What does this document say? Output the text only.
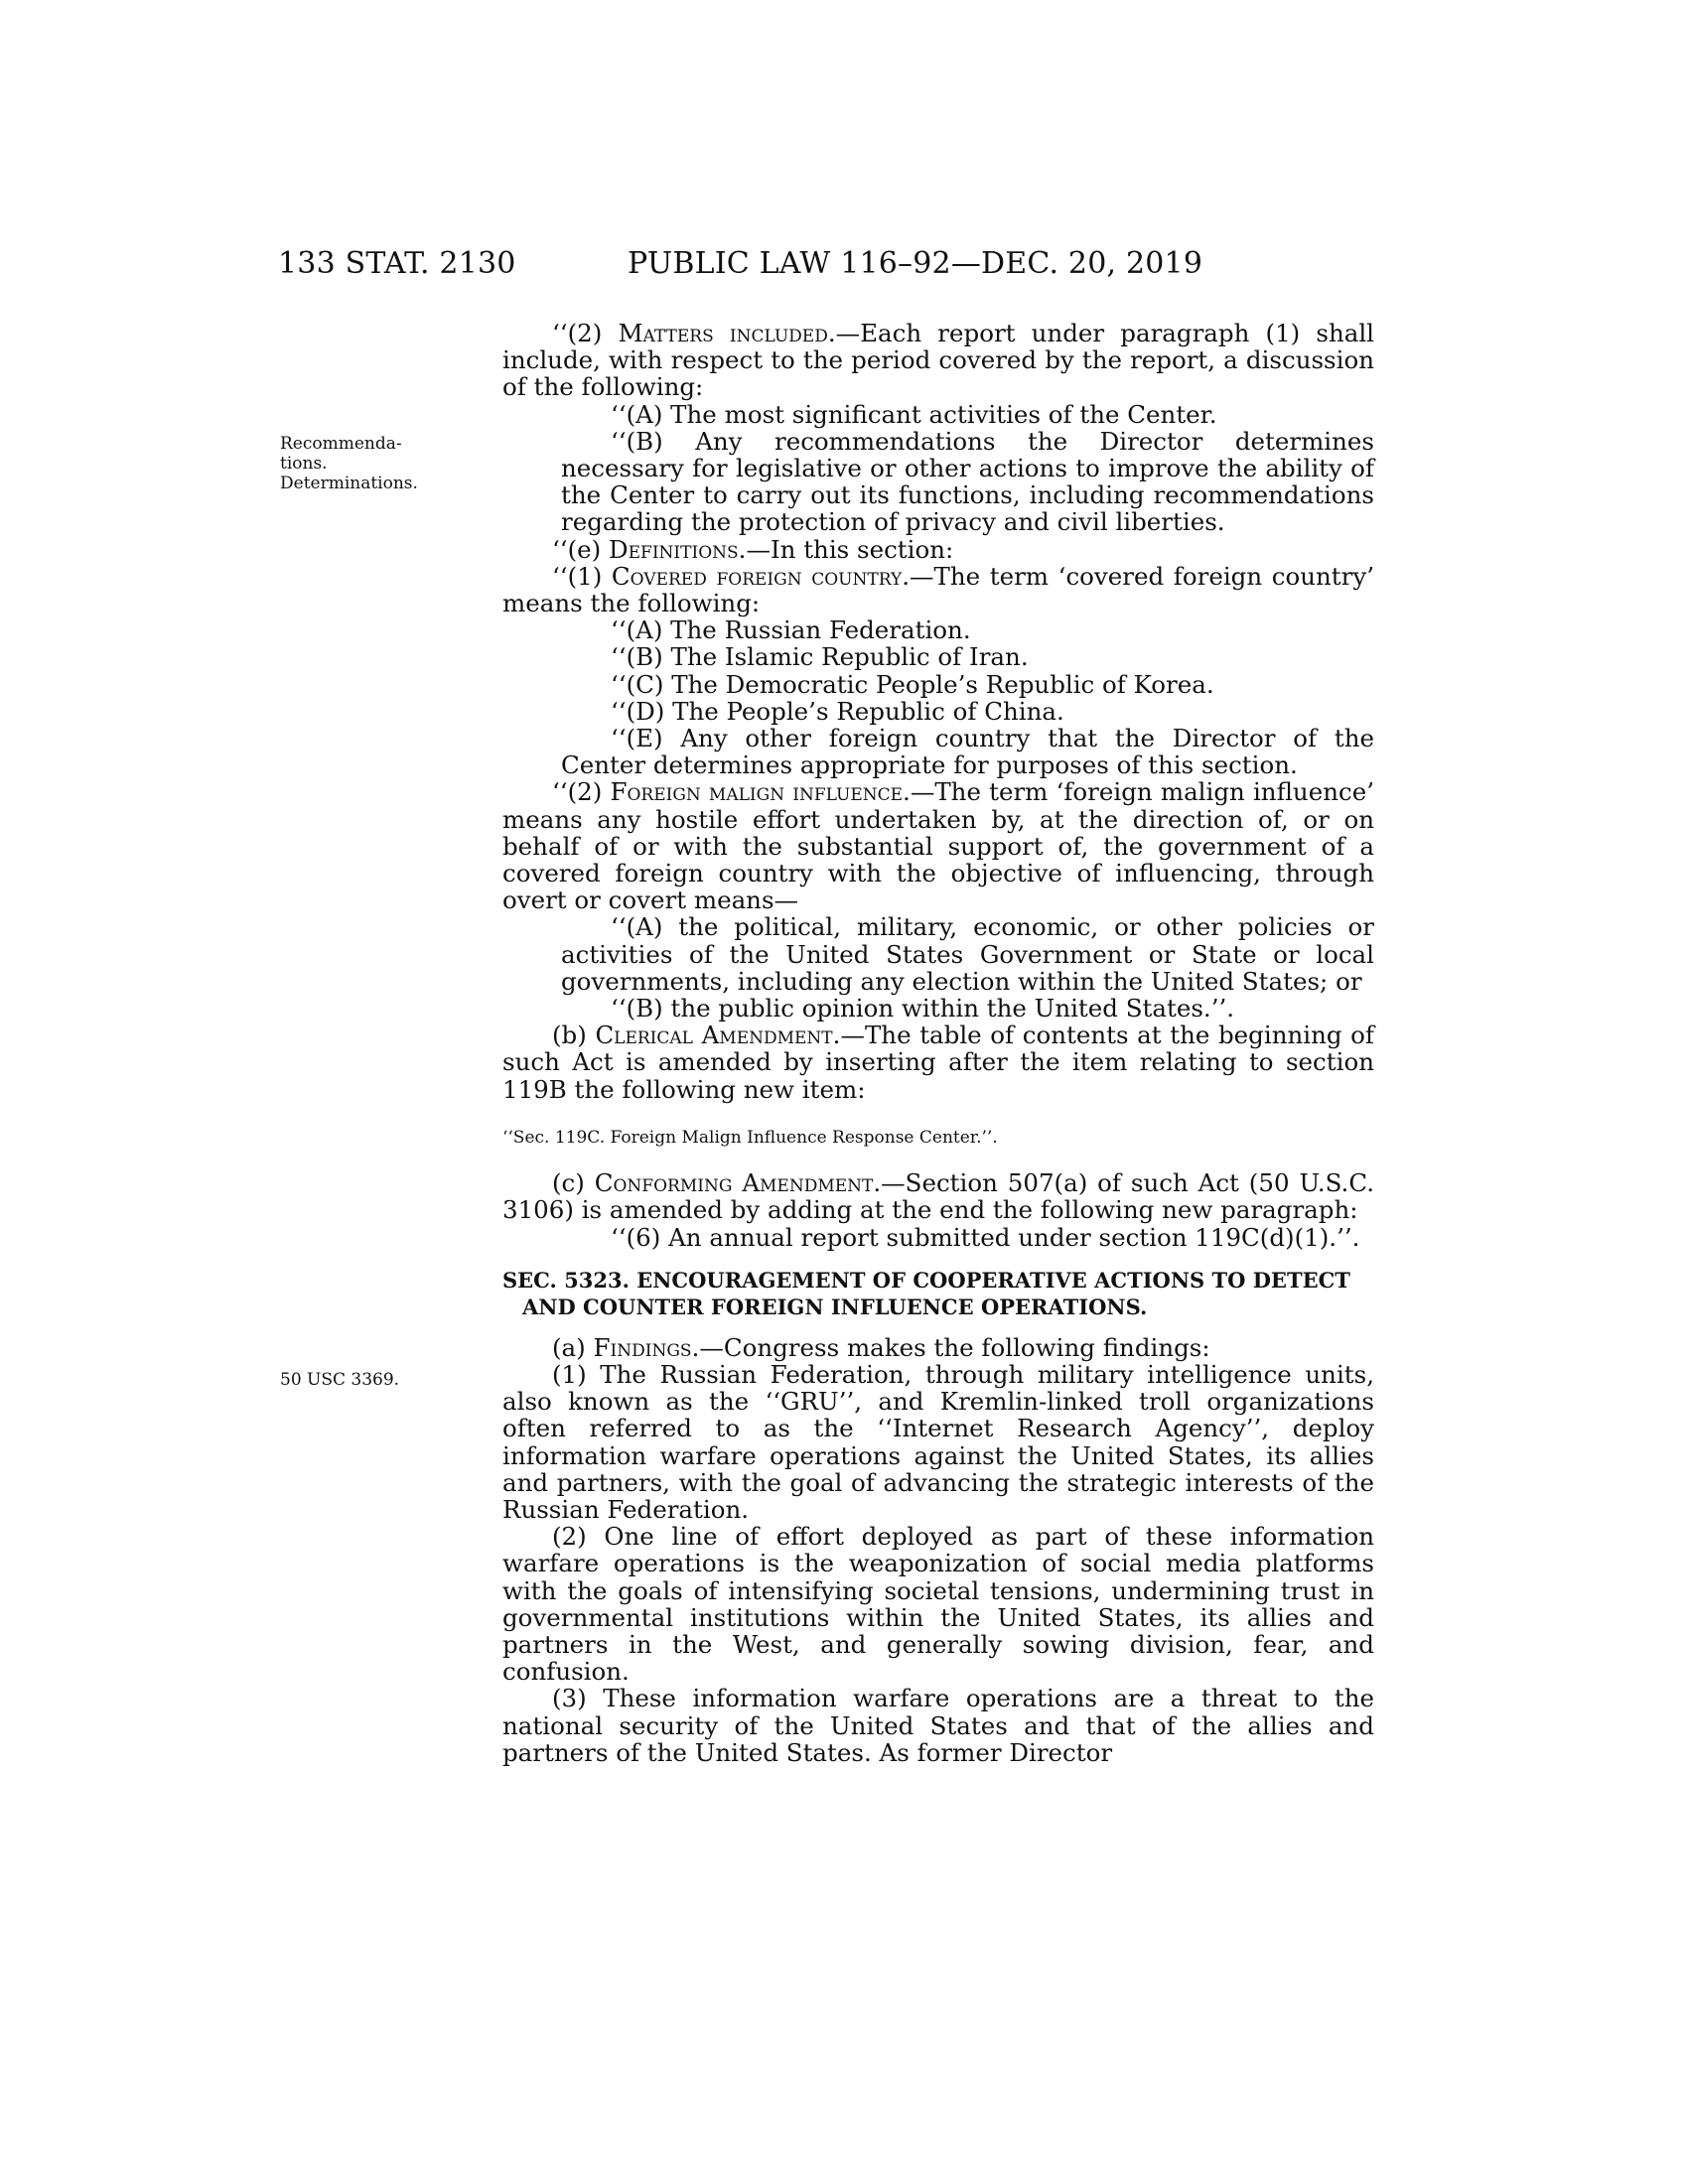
133 STAT. 2130	PUBLIC LAW 116–92—DEC. 20, 2019
Recommenda-
tions.
Determinations.
50 USC 3369.

‘‘(2) Matters included.—Each report under paragraph (1) shall include, with respect to the period covered by the report, a discussion of the following:

‘‘(A) The most significant activities of the Center.

‘‘(B) Any recommendations the Director determines necessary for legislative or other actions to improve the ability of the Center to carry out its functions, including recommendations regarding the protection of privacy and civil liberties.

‘‘(e) Definitions.—In this section:

‘‘(1) Covered foreign country.—The term ‘covered foreign country’ means the following:

‘‘(A) The Russian Federation.

‘‘(B) The Islamic Republic of Iran.

‘‘(C) The Democratic People’s Republic of Korea.

‘‘(D) The People’s Republic of China.

‘‘(E) Any other foreign country that the Director of the Center determines appropriate for purposes of this section.

‘‘(2) Foreign malign influence.—The term ‘foreign malign influence’ means any hostile effort undertaken by, at the direction of, or on behalf of or with the substantial support of, the government of a covered foreign country with the objective of influencing, through overt or covert means—

‘‘(A) the political, military, economic, or other policies or activities of the United States Government or State or local governments, including any election within the United States; or

‘‘(B) the public opinion within the United States.’’.

(b) Clerical Amendment.—The table of contents at the beginning of such Act is amended by inserting after the item relating to section 119B the following new item:

‘‘Sec. 119C. Foreign Malign Influence Response Center.’’.

(c) Conforming Amendment.—Section 507(a) of such Act (50 U.S.C. 3106) is amended by adding at the end the following new paragraph:

‘‘(6) An annual report submitted under section 119C(d)(1).’’.

SEC. 5323. ENCOURAGEMENT OF COOPERATIVE ACTIONS TO DETECT
AND COUNTER FOREIGN INFLUENCE OPERATIONS.

(a) Findings.—Congress makes the following findings:

(1) The Russian Federation, through military intelligence units, also known as the ‘‘GRU’’, and Kremlin-linked troll organizations often referred to as the ‘‘Internet Research Agency’’, deploy information warfare operations against the United States, its allies and partners, with the goal of advancing the strategic interests of the Russian Federation.

(2) One line of effort deployed as part of these information warfare operations is the weaponization of social media platforms with the goals of intensifying societal tensions, undermining trust in governmental institutions within the United States, its allies and partners in the West, and generally sowing division, fear, and confusion.

(3) These information warfare operations are a threat to the national security of the United States and that of the allies and partners of the United States. As former Director
